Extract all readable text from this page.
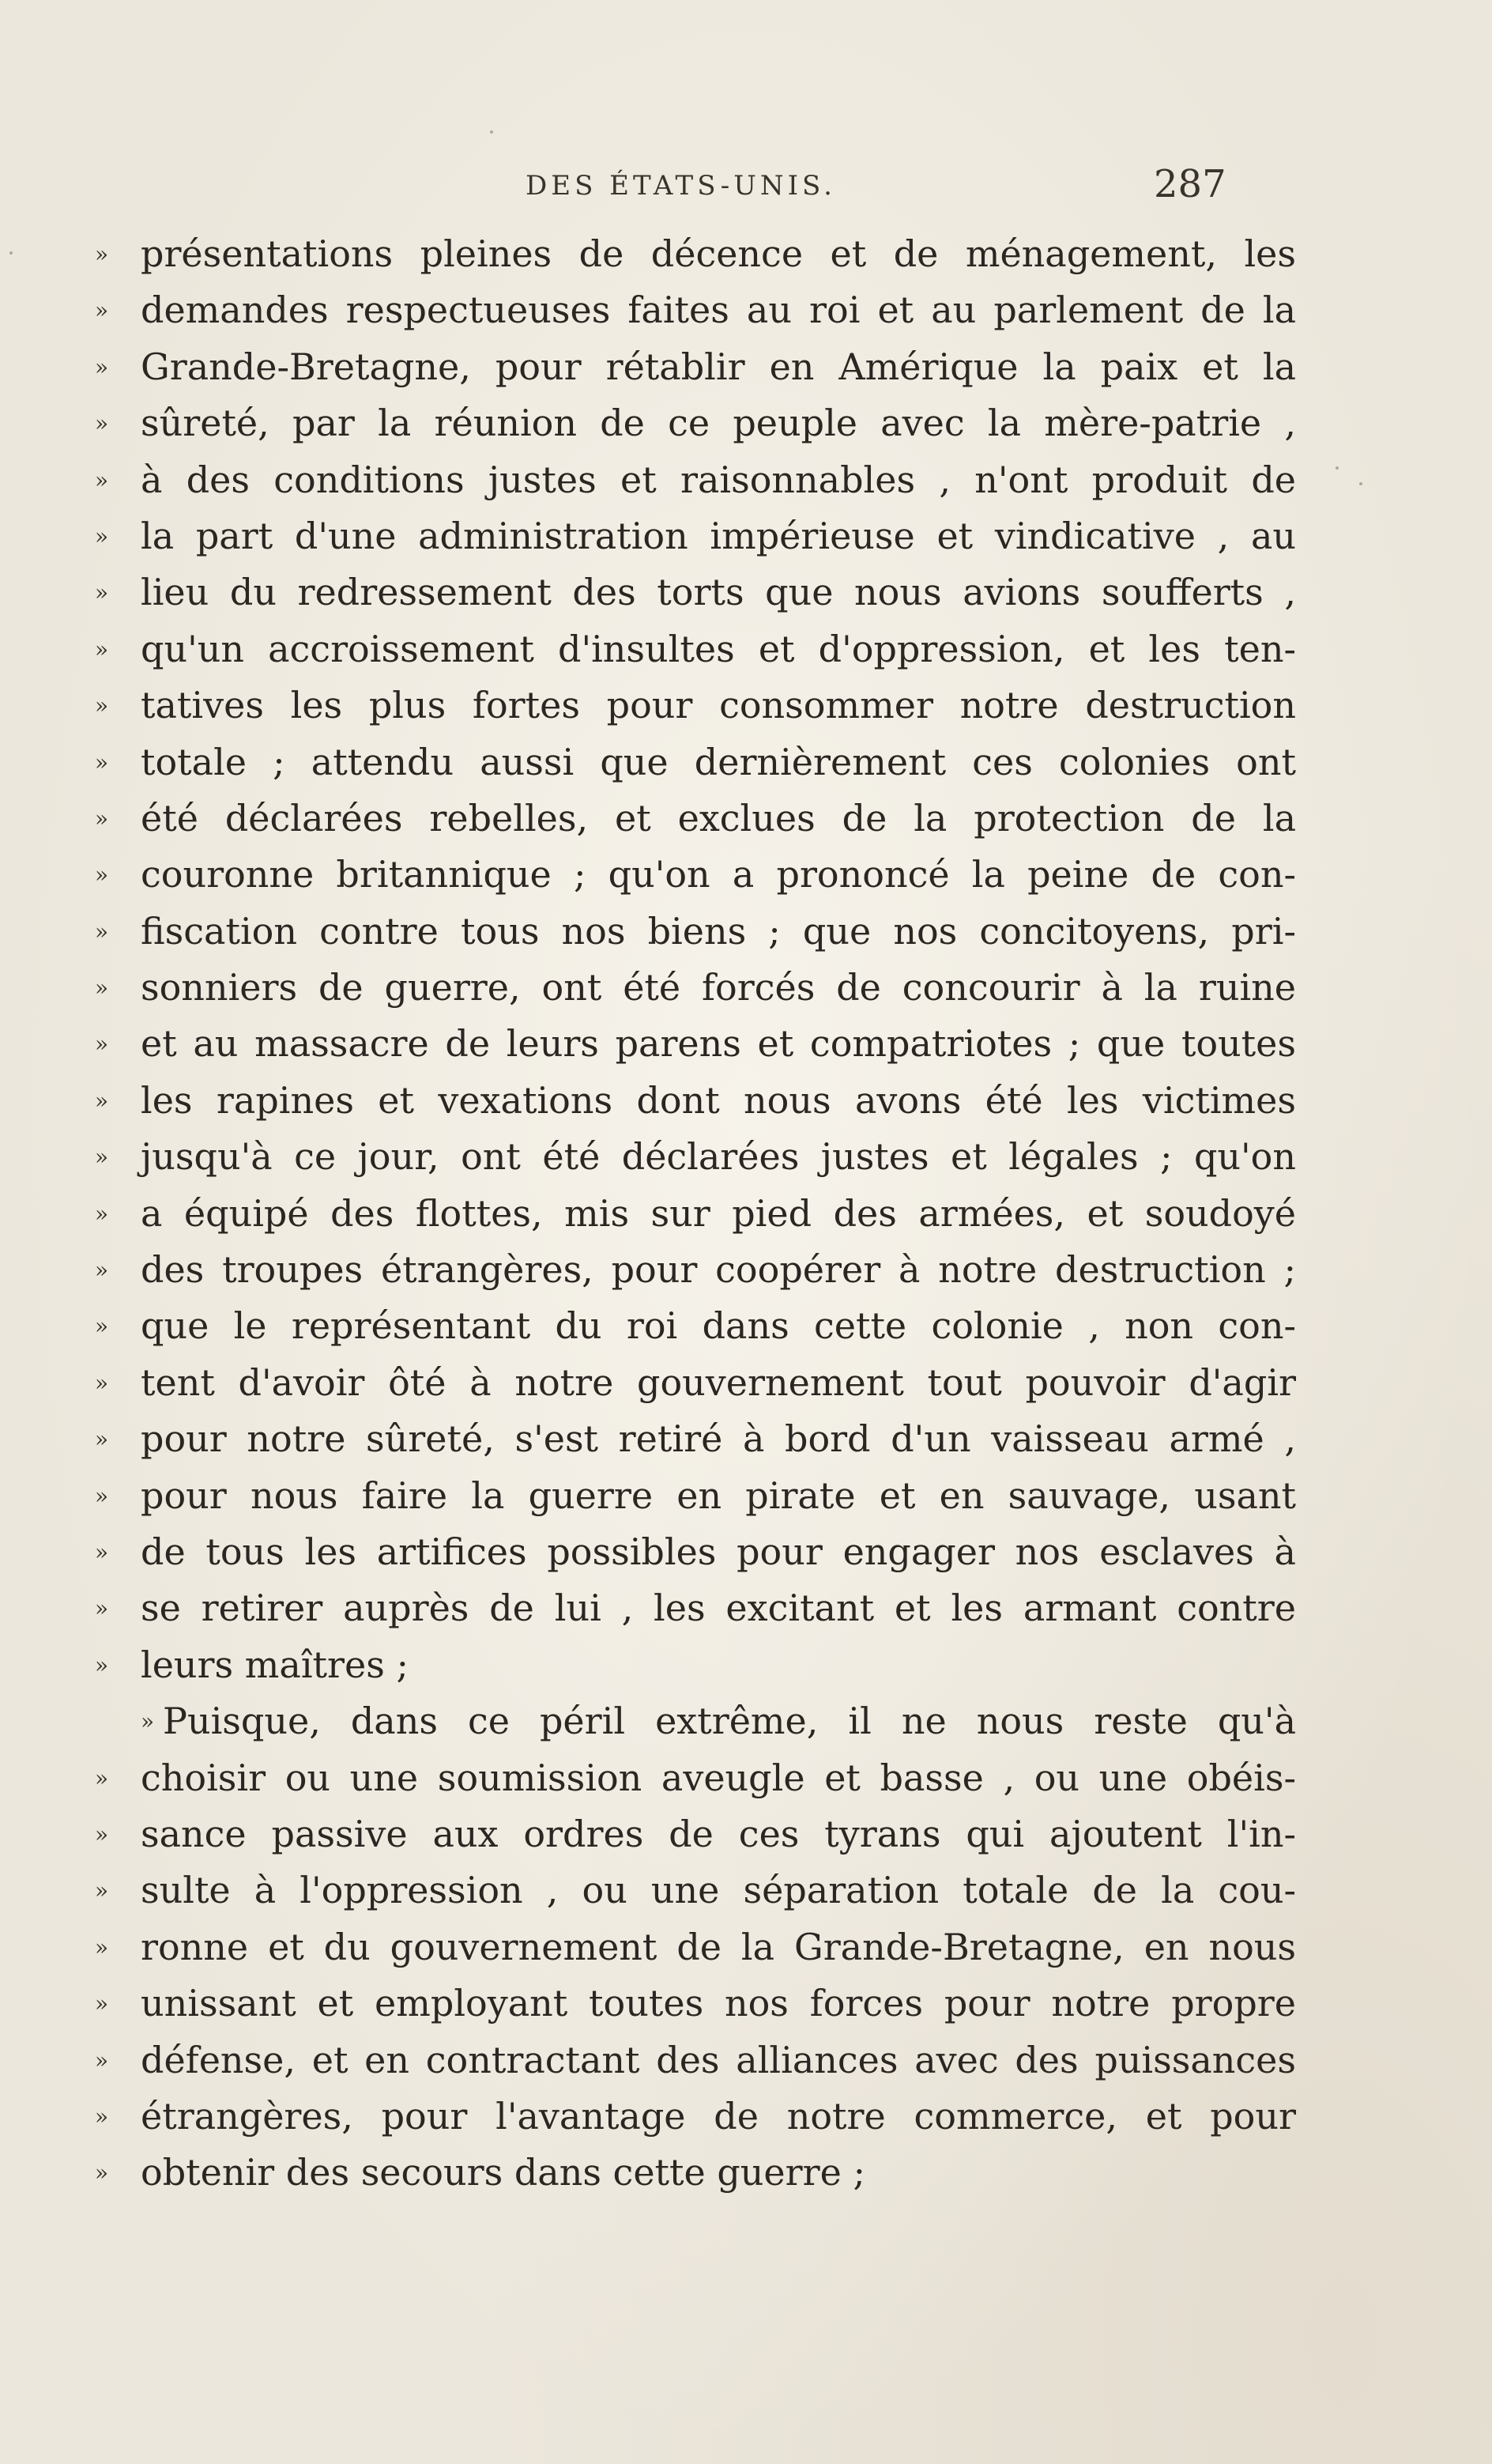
DES ÉTATS-UNIS.	287
» présentations pleines de décence et de ménagement, les
» demandes respectueuses faites au roi et au parlement de la
» Grande-Bretagne, pour rétablir en Amérique la paix et la
» sûreté, par la réunion de ce peuple avec la mère-patrie ,
» à des conditions justes et raisonnables , n'ont produit de
» la part d'une administration impérieuse et vindicative , au
» lieu du redressement des torts que nous avions soufferts ,
» qu'un accroissement d'insultes et d'oppression, et les ten-
» tatives les plus fortes pour consommer notre destruction
» totale ; attendu aussi que dernièrement ces colonies ont
» été déclarées rebelles, et exclues de la protection de la
» couronne britannique ; qu'on a prononcé la peine de con-
» fiscation contre tous nos biens ; que nos concitoyens, pri-
» sonniers de guerre, ont été forcés de concourir à la ruine
» et au massacre de leurs parens et compatriotes ; que toutes
» les rapines et vexations dont nous avons été les victimes
» jusqu'à ce jour, ont été déclarées justes et légales ; qu'on
» a équipé des flottes, mis sur pied des armées, et soudoyé
» des troupes étrangères, pour coopérer à notre destruction ;
» que le représentant du roi dans cette colonie , non con-
» tent d'avoir ôté à notre gouvernement tout pouvoir d'agir
» pour notre sûreté, s'est retiré à bord d'un vaisseau armé ,
» pour nous faire la guerre en pirate et en sauvage, usant
» de tous les artifices possibles pour engager nos esclaves à
» se retirer auprès de lui , les excitant et les armant contre
» leurs maîtres ;
Puisque, dans ce péril extrême, il ne nous reste qu'à
»
» choisir ou une soumission aveugle et basse , ou une obéis-
» sance passive aux ordres de ces tyrans qui ajoutent l'in-
» sulte à l'oppression , ou une séparation totale de la cou-
» ronne et du gouvernement de la Grande-Bretagne, en nous
» unissant et employant toutes nos forces pour notre propre
» défense, et en contractant des alliances avec des puissances
» étrangères, pour l'avantage de notre commerce, et pour
» obtenir des secours dans cette guerre ;
